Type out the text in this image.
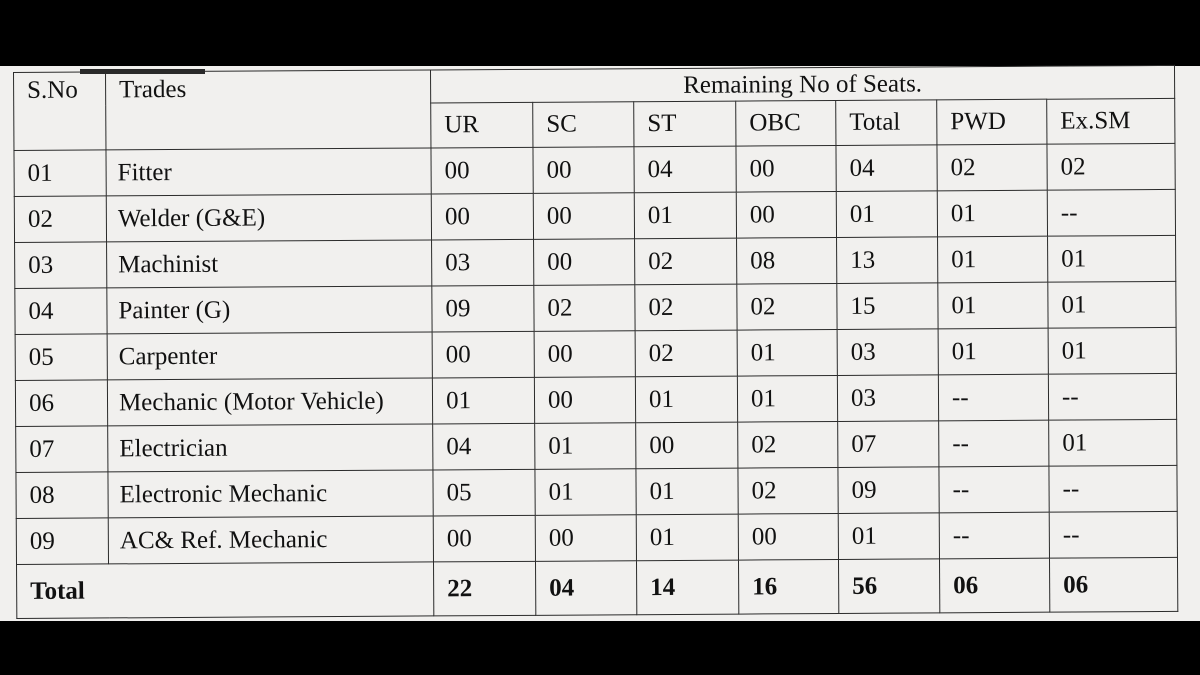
S.No	Trades	Remaining No of Seats.						
		UR	SC	ST	OBC	Total	PWD	Ex.SM
01	Fitter	00	00	04	00	04	02	02
02	Welder (G&E)	00	00	01	00	01	01	--
03	Machinist	03	00	02	08	13	01	01
04	Painter (G)	09	02	02	02	15	01	01
05	Carpenter	00	00	02	01	03	01	01
06	Mechanic (Motor Vehicle)	01	00	01	01	03	--	--
07	Electrician	04	01	00	02	07	--	01
08	Electronic Mechanic	05	01	01	02	09	--	--
09	AC& Ref. Mechanic	00	00	01	00	01	--	--
Total		22	04	14	16	56	06	06
